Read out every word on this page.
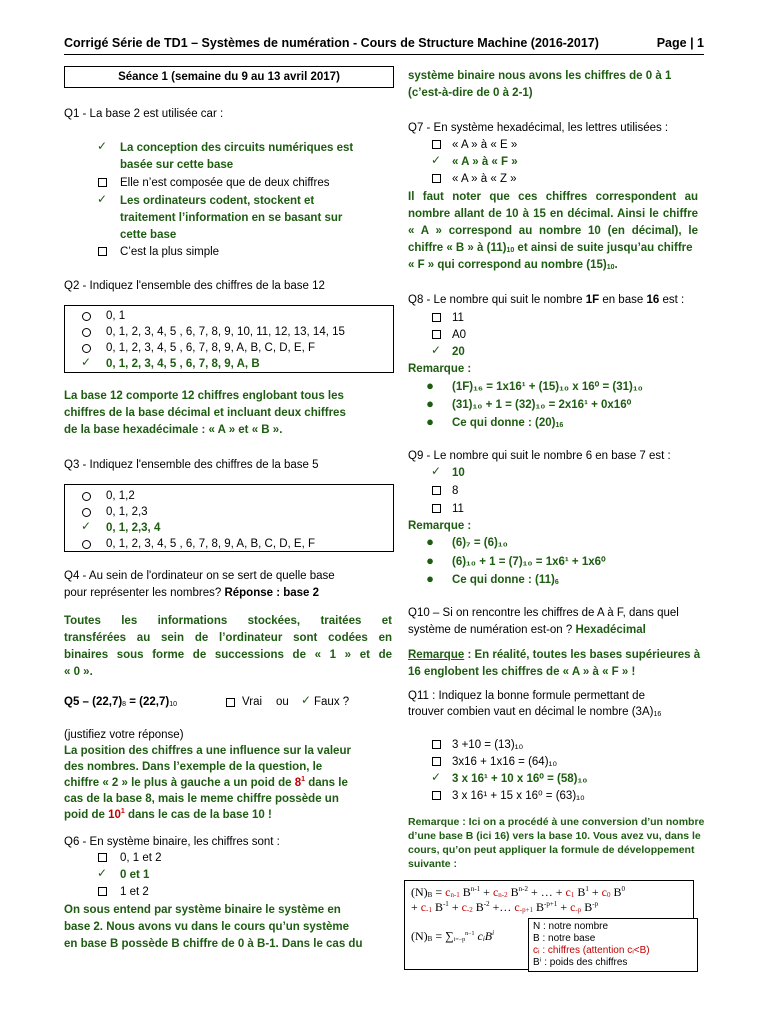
Corrigé Série de TD1 – Systèmes de numération - Cours de Structure Machine (2016-2017)	Page | 1
Séance 1 (semaine du 9 au 13 avril 2017)
Q1 - La base 2 est utilisée car :
✓ La conception des circuits numériques est
basée sur cette base
Elle n’est composée que de deux chiffres
✓ Les ordinateurs codent, stockent et
traitement l’information en se basant sur
cette base
C’est la plus simple
Q2 - Indiquez l'ensemble des chiffres de la base 12
0, 1
0, 1, 2, 3, 4, 5 , 6, 7, 8, 9, 10, 11, 12, 13, 14, 15
0, 1, 2, 3, 4, 5 , 6, 7, 8, 9, A, B, C, D, E, F
✓ 0, 1, 2, 3, 4, 5 , 6, 7, 8, 9, A, B
La base 12 comporte 12 chiffres englobant tous les
chiffres de la base décimal et incluant deux chiffres
de la base hexadécimale : « A » et « B ».
Q3 - Indiquez l'ensemble des chiffres de la base 5
0, 1,2
0, 1, 2,3
✓ 0, 1, 2,3, 4
0, 1, 2, 3, 4, 5 , 6, 7, 8, 9, A, B, C, D, E, F
Q4 - Au sein de l'ordinateur on se sert de quelle base
pour représenter les nombres? Réponse : base 2
Toutes les informations stockées, traitées et
transférées au sein de l’ordinateur sont codées en
binaires sous forme de successions de « 1 » et de
« 0 ».
$Q5 - (22,7)_8 = (22,7)_{10}$	Vrai ou ✓ Faux ?
(justifiez votre réponse)
La position des chiffres a une influence sur la valeur
des nombres. Dans l’exemple de la question, le
chiffre « 2 » le plus à gauche a un poid de $8^1$ dans le
cas de la base 8, mais le meme chiffre possède un
poid de $10^1$ dans le cas de la base 10 !
Q6 - En système binaire, les chiffres sont :
0, 1 et 2
✓ 0 et 1
1 et 2
On sous entend par système binaire le système en
base 2. Nous avons vu dans le cours qu’un système
en base B possède B chiffre de 0 à B-1. Dans le cas du
système binaire nous avons les chiffres de 0 à 1
(c’est-à-dire de 0 à 2-1)
Q7 - En système hexadécimal, les lettres utilisées :
« A » à « E »
✓ « A » à « F »
« A » à « Z »
Il faut noter que ces chiffres correspondent au
nombre allant de 10 à 15 en décimal. Ainsi le chiffre
« A » correspond au nombre 10 (en décimal), le
chiffre « B » à $(11)_{10}$ et ainsi de suite jusqu’au chiffre
« F » qui correspond au nombre $(15)_{10}$.
Q8 - Le nombre qui suit le nombre 1F en base 16 est :
11
A0
✓ 20
Remarque :
●	(1F)₁₆ = 1x16¹ + (15)₁₀ x 16⁰ = (31)₁₀
●	(31)₁₀ + 1 = (32)₁₀ = 2x16¹ + 0x16⁰
●	Ce qui donne : $(20)_{16}$
Q9 - Le nombre qui suit le nombre 6 en base 7 est :
✓ 10
8
11
Remarque :
●	(6)₇ = (6)₁₀
●	(6)₁₀ + 1 = (7)₁₀ = 1x6¹ + 1x6⁰
●	Ce qui donne : $(11)_6$
Q10 – Si on rencontre les chiffres de A à F, dans quel
système de numération est-on ? Hexadécimal
Remarque : En réalité, toutes les bases supérieures à
16 englobent les chiffres de « A » à « F » !
Q11 : Indiquez la bonne formule permettant de
trouver combien vaut en décimal le nombre $(3A)_{16}$
3 +10 = (13)₁₀
3x16 + 1x16 = (64)₁₀
✓ 3 x 16¹ + 10 x 16⁰ = (58)₁₀
3 x 16¹ + 15 x 16⁰ = (63)₁₀
Remarque : Ici on a procédé à une conversion d’un nombre
d’une base B (ici 16) vers la base 10. Vous avez vu, dans le
cours, qu’on peut appliquer la formule de développement
suivante :
$(N)_B = c_{n-1}$ $B^{n-1} + c_{n-2}$ $B^{n-2}$ + … + $c_1$ $B^1 + c_0$ $B^0$
+ $c_{-1}$ $B^{-1} + c_{-2}$ $B^{-2}$ +… $c_{-p+1}$ $B^{-p+1} + c_{-p}$ $B^{-p}$
$(N)_B = \sum_{i=-p}^{n-1}$ $c_iB^i$
N : notre nombre
B : notre base
cᵢ : chiffres (attention cᵢ<B)
Bⁱ : poids des chiffres
